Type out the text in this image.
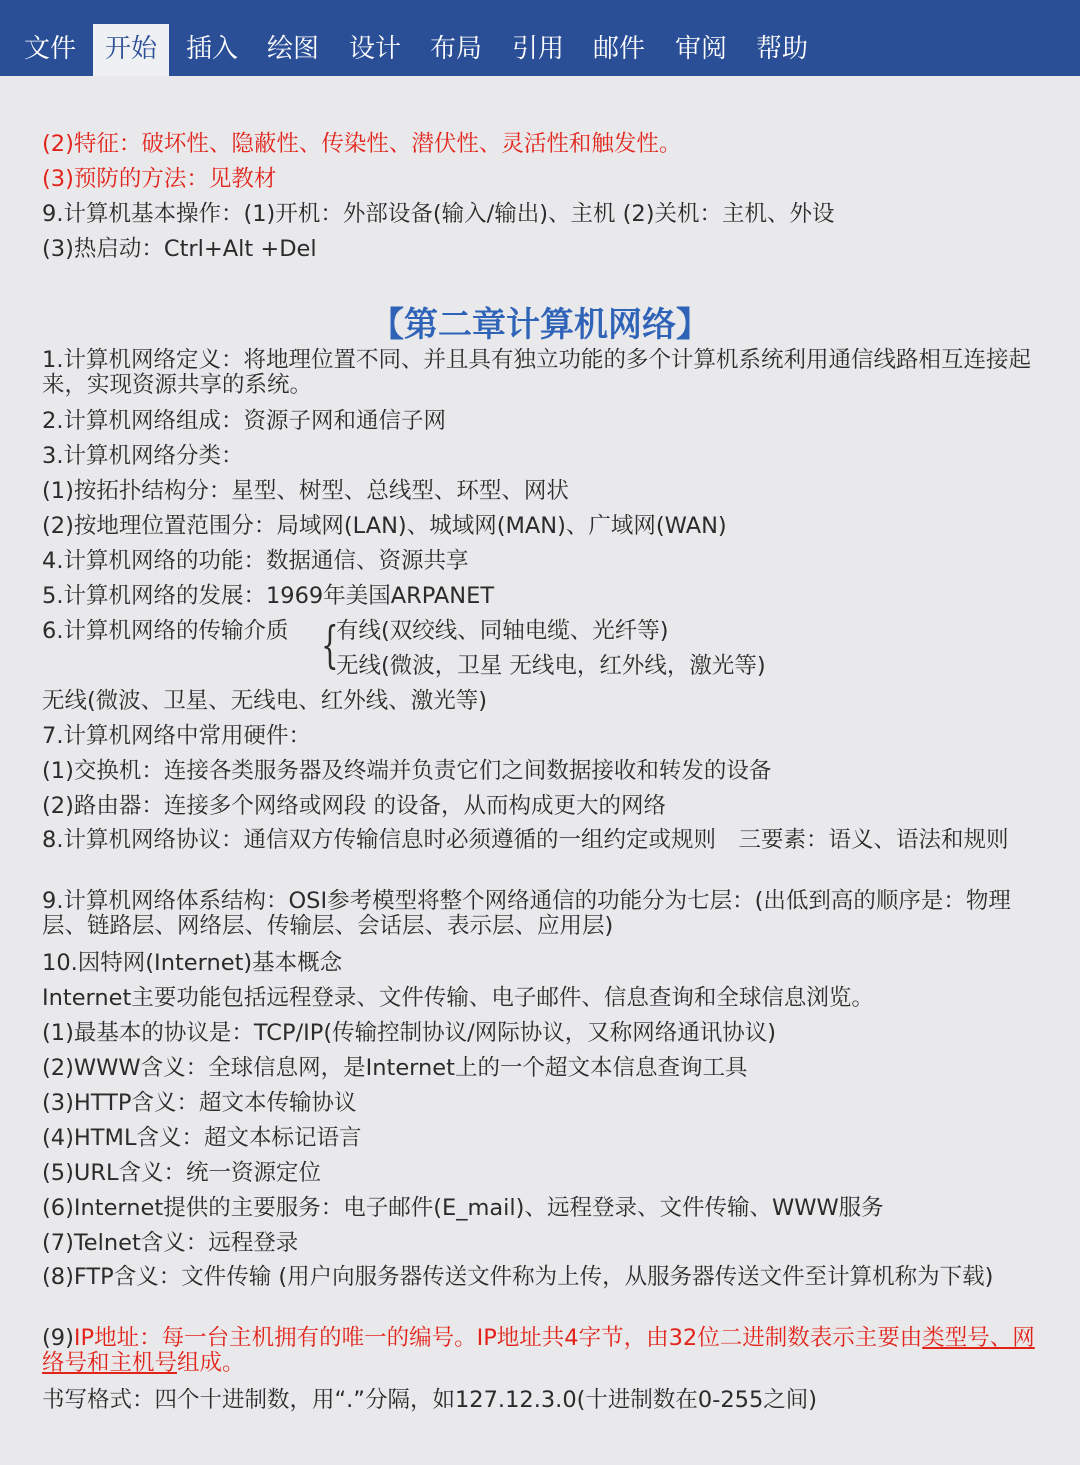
文件	开始	插入	绘图	设计	布局	引用	邮件	审阅	帮助
(2)特征：破坏性、隐蔽性、传染性、潜伏性、灵活性和触发性。
(3)预防的方法：见教材
9.计算机基本操作：(1)开机：外部设备(输入/输出)、主机 (2)关机：主机、外设
(3)热启动：Ctrl+Alt +Del
【第二章计算机网络】
1.计算机网络定义：将地理位置不同、并且具有独立功能的多个计算机系统利用通信线路相互连接起来，实现资源共享的系统。
2.计算机网络组成：资源子网和通信子网
3.计算机网络分类：
(1)按拓扑结构分：星型、树型、总线型、环型、网状
(2)按地理位置范围分：局域网(LAN)、城域网(MAN)、广域网(WAN)
4.计算机网络的功能：数据通信、资源共享
5.计算机网络的发展：1969年美国ARPANET
6.计算机网络的传输介质 {
有线(双绞线、同轴电缆、光纤等)
无线(微波，卫星 无线电，红外线，激光等)
无线(微波、卫星、无线电、红外线、激光等)
7.计算机网络中常用硬件：
(1)交换机：连接各类服务器及终端并负责它们之间数据接收和转发的设备
(2)路由器：连接多个网络或网段 的设备，从而构成更大的网络
8.计算机网络协议：通信双方传输信息时必须遵循的一组约定或规则　三要素：语义、语法和规则
9.计算机网络体系结构：OSI参考模型将整个网络通信的功能分为七层：(出低到高的顺序是：物理层、链路层、网络层、传输层、会话层、表示层、应用层)
10.因特网(Internet)基本概念
Internet主要功能包括远程登录、文件传输、电子邮件、信息查询和全球信息浏览。
(1)最基本的协议是：TCP/IP(传输控制协议/网际协议，又称网络通讯协议)
(2)WWW含义：全球信息网，是Internet上的一个超文本信息查询工具
(3)HTTP含义：超文本传输协议
(4)HTML含义：超文本标记语言
(5)URL含义：统一资源定位
(6)Internet提供的主要服务：电子邮件(E_mail)、远程登录、文件传输、WWW服务
(7)Telnet含义：远程登录
(8)FTP含义：文件传输 (用户向服务器传送文件称为上传，从服务器传送文件至计算机称为下载)
(9)IP地址：每一台主机拥有的唯一的编号。IP地址共4字节，由32位二进制数表示主要由类型号、网络号和主机号组成。
书写格式：四个十进制数，用“.”分隔，如127.12.3.0(十进制数在0-255之间)
